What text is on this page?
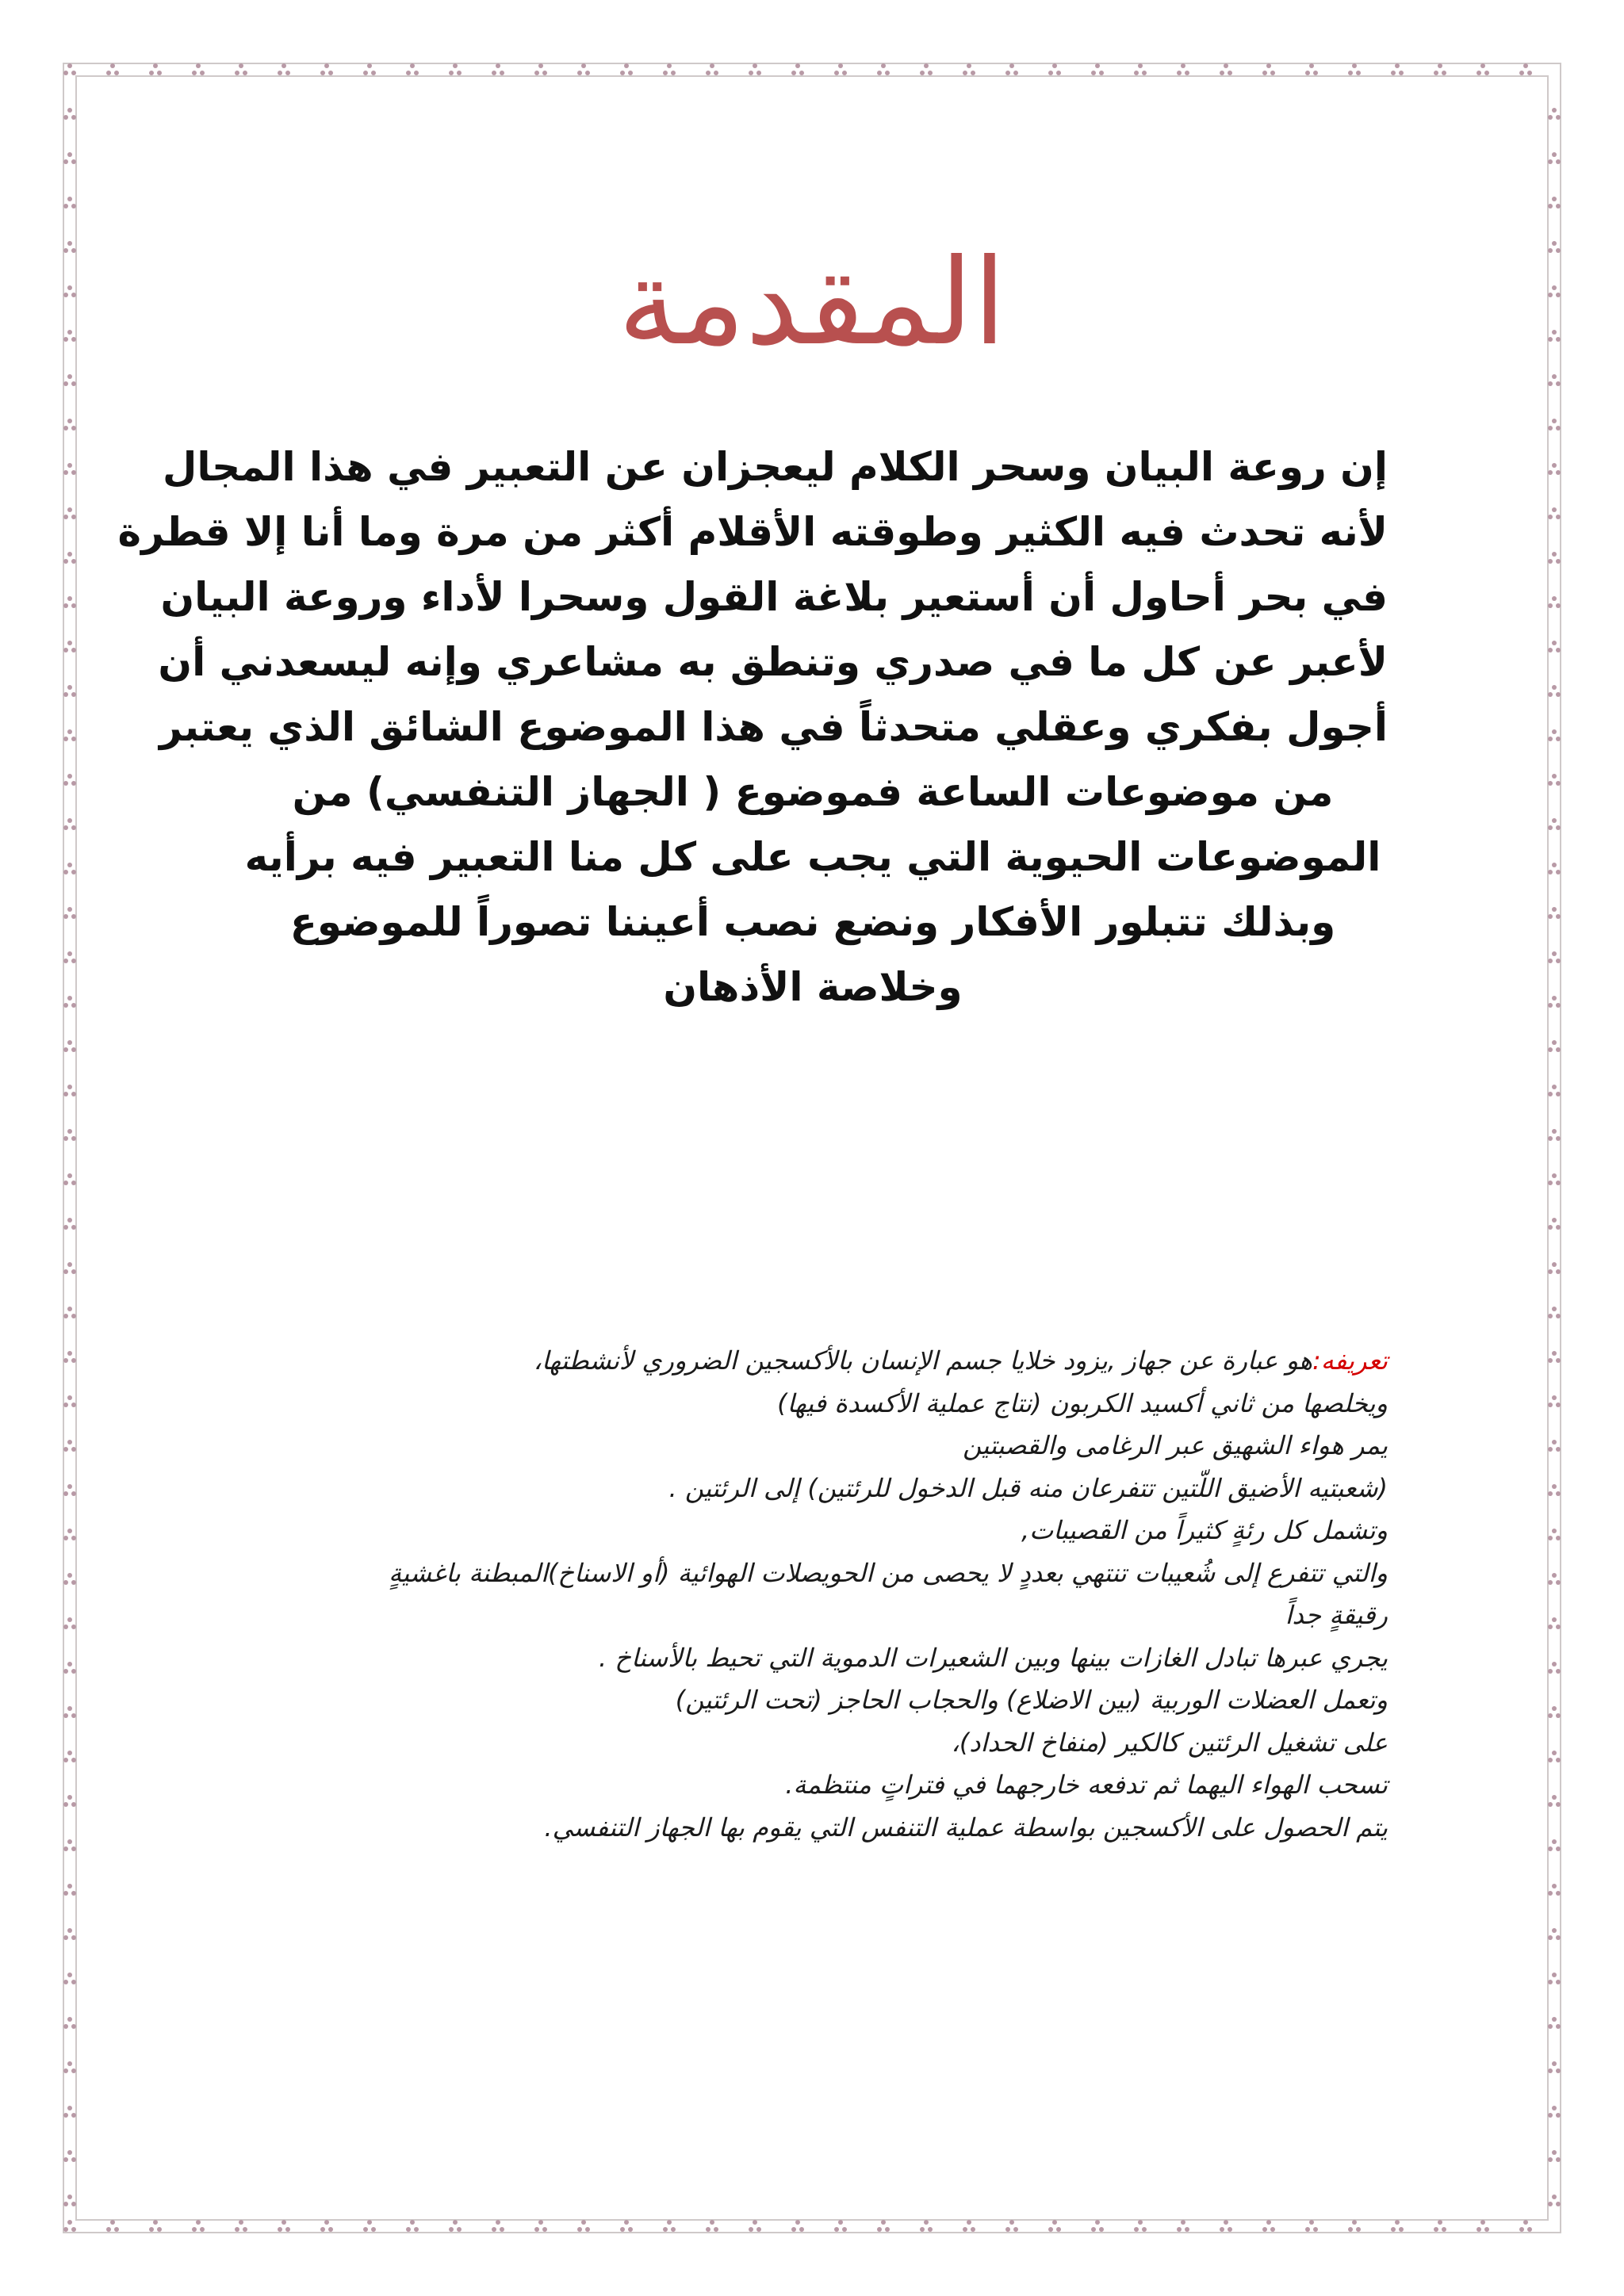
المقدمة
إن روعة البيان وسحر الكلام ليعجزان عن التعبير في هذا المجال
لأنه تحدث فيه الكثير وطوقته الأقلام أكثر من مرة وما أنا إلا قطرة
في بحر أحاول أن أستعير بلاغة القول وسحرا لأداء وروعة البيان
لأعبر عن كل ما في صدري وتنطق به مشاعري وإنه ليسعدني أن
أجول بفكري وعقلي متحدثاً في هذا الموضوع الشائق الذي يعتبر
من موضوعات الساعة فموضوع ( الجهاز التنفسي) من
الموضوعات الحيوية التي يجب على كل منا التعبير فيه برأيه
وبذلك تتبلور الأفكار ونضع نصب أعيننا تصوراً للموضوع
وخلاصة الأذهان
تعريفه:هو عبارة عن جهاز ,يزود خلايا جسم الإنسان بالأكسجين الضروري لأنشطتها،
ويخلصها من ثاني أكسيد الكربون (نتاج عملية الأكسدة فيها)
يمر هواء الشهيق عبر الرغامى والقصبتين
(شعبتيه الأضيق اللّتين تتفرعان منه قبل الدخول للرئتين) إلى الرئتين .
وتشمل كل رئةٍ كثيراً من القصيبات,
والتي تتفرع إلى شُعيبات تنتهي بعددٍ لا يحصى من الحويصلات الهوائية (أو الاسناخ)المبطنة باغشيةٍ
رقيقةٍ جداً
يجري عبرها تبادل الغازات بينها وبين الشعيرات الدموية التي تحيط بالأسناخ .
وتعمل العضلات الوربية (بين الاضلاع) والحجاب الحاجز (تحت الرئتين)
على تشغيل الرئتين كالكير (منفاخ الحداد)،
تسحب الهواء اليهما ثم تدفعه خارجهما في فتراتٍ منتظمة.
يتم الحصول على الأكسجين بواسطة عملية التنفس التي يقوم بها الجهاز التنفسي.
